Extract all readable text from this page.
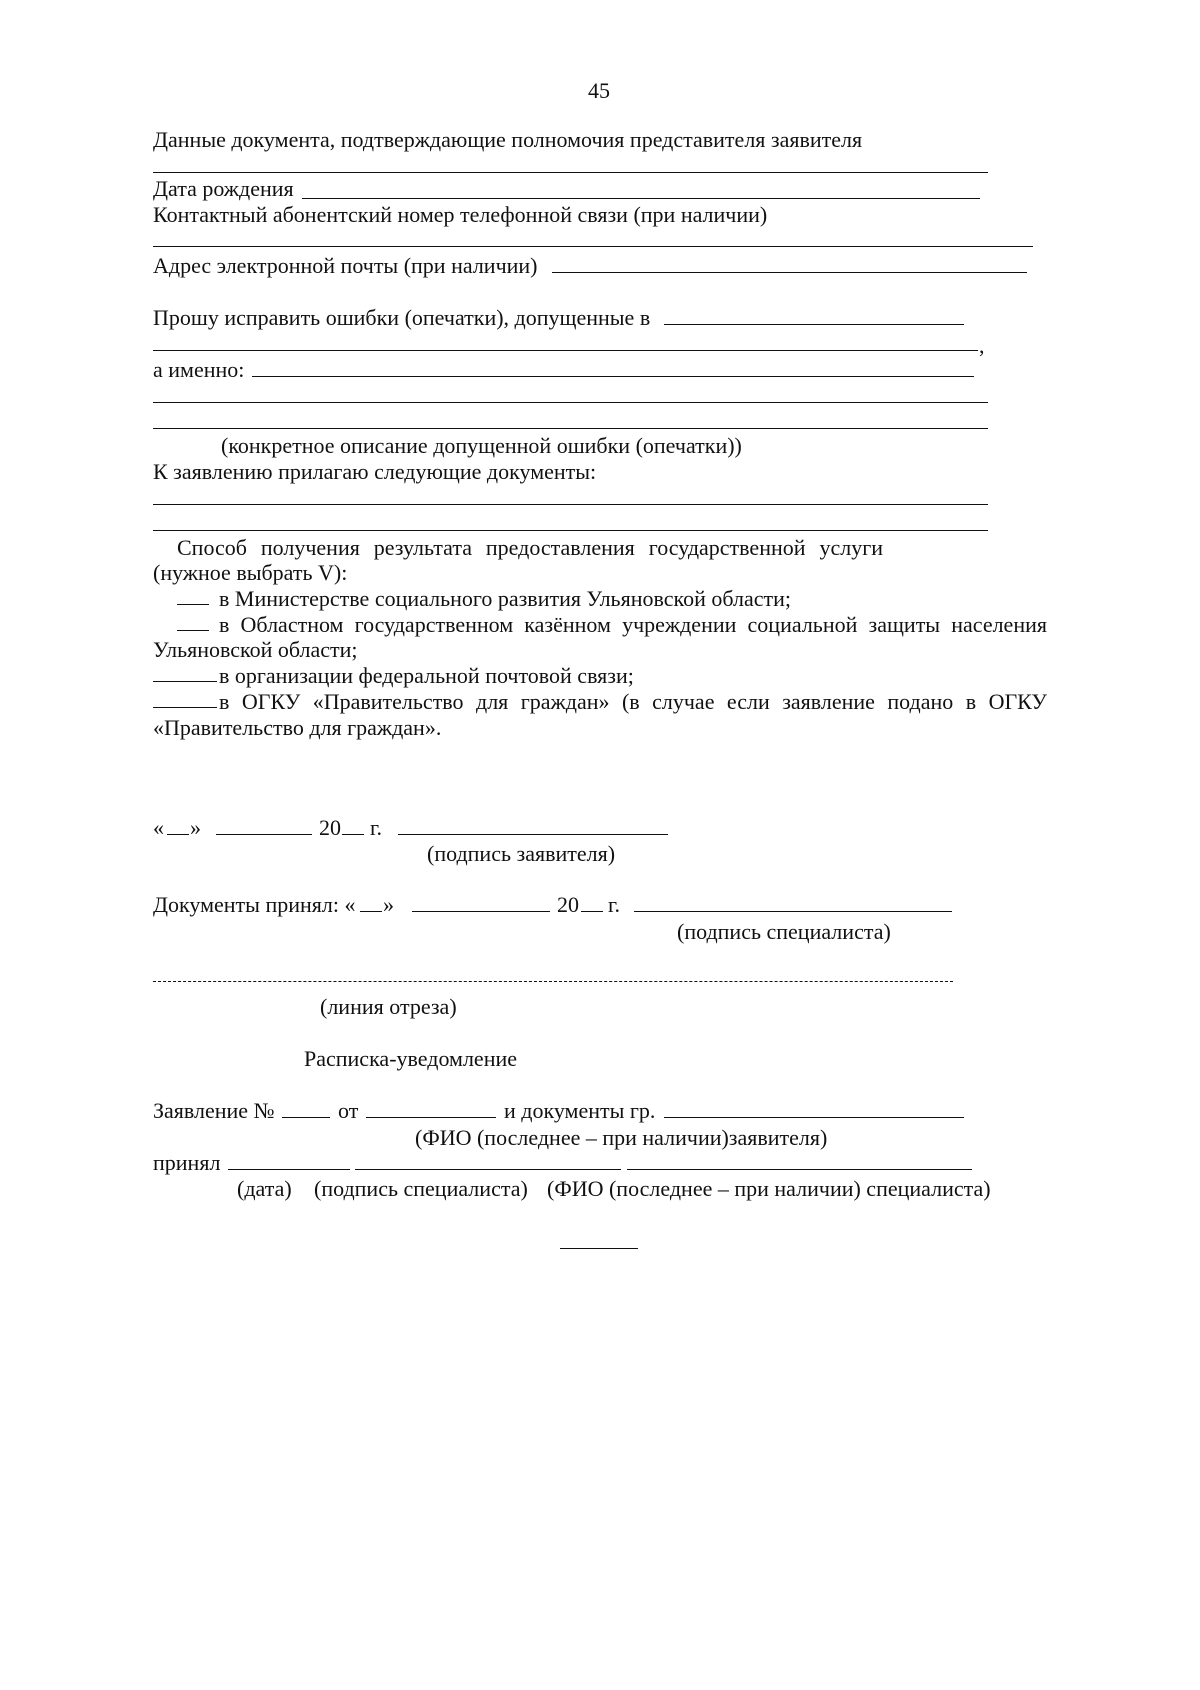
45
Данные документа, подтверждающие полномочия представителя заявителя
Дата рождения
Контактный абонентский номер телефонной связи (при наличии)
Адрес электронной почты (при наличии)
Прошу исправить ошибки (опечатки), допущенные в
,
а именно:
(конкретное описание допущенной ошибки (опечатки))
К заявлению прилагаю следующие документы:
Способ получения результата предоставления государственной услуги
(нужное выбрать V):
в Министерстве социального развития Ульяновской области;
в Областном государственном казённом учреждении социальной защиты населения
Ульяновской области;
в организации федеральной почтовой связи;
в ОГКУ «Правительство для граждан» (в случае если заявление подано в ОГКУ
«Правительство для граждан».
« »	20 г.
(подпись заявителя)
Документы принял: « »	20 г.
(подпись специалиста)
(линия отреза)
Расписка-уведомление
Заявление №	от	и документы гр.
(ФИО (последнее – при наличии)заявителя)
принял
(дата) (подпись специалиста) (ФИО (последнее – при наличии) специалиста)
